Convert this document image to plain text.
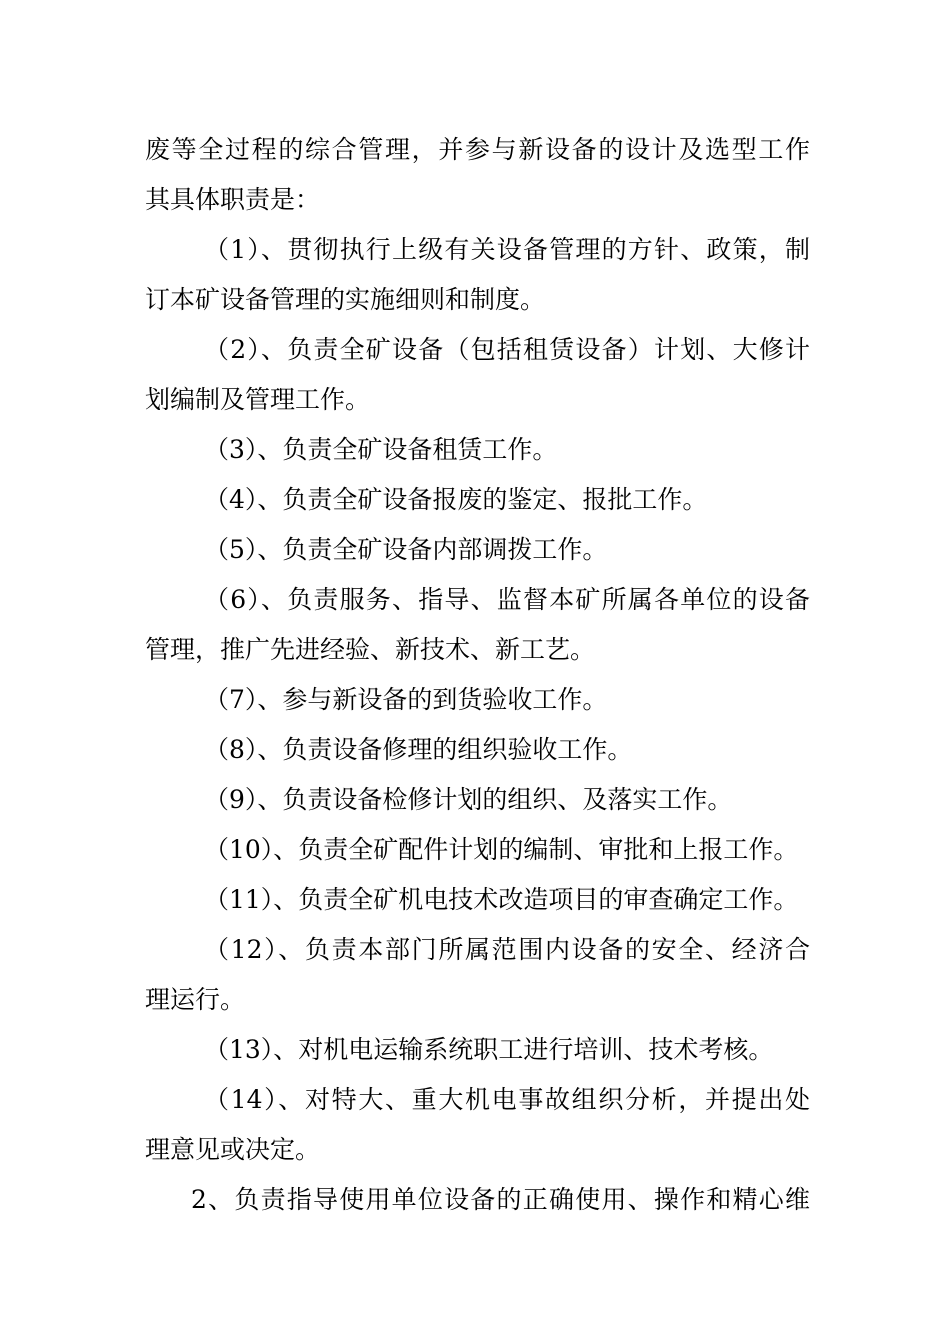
废等全过程的综合管理，并参与新设备的设计及选型工作
其具体职责是：
（1）、贯彻执行上级有关设备管理的方针、政策，制
订本矿设备管理的实施细则和制度。
（2）、负责全矿设备（包括租赁设备）计划、大修计
划编制及管理工作。
（3）、负责全矿设备租赁工作。
（4）、负责全矿设备报废的鉴定、报批工作。
（5）、负责全矿设备内部调拨工作。
（6）、负责服务、指导、监督本矿所属各单位的设备
管理，推广先进经验、新技术、新工艺。
（7）、参与新设备的到货验收工作。
（8）、负责设备修理的组织验收工作。
（9）、负责设备检修计划的组织、及落实工作。
（10）、负责全矿配件计划的编制、审批和上报工作。
（11）、负责全矿机电技术改造项目的审查确定工作。
（12）、负责本部门所属范围内设备的安全、经济合
理运行。
（13）、对机电运输系统职工进行培训、技术考核。
（14）、对特大、重大机电事故组织分析，并提出处
理意见或决定。
2、负责指导使用单位设备的正确使用、操作和精心维
